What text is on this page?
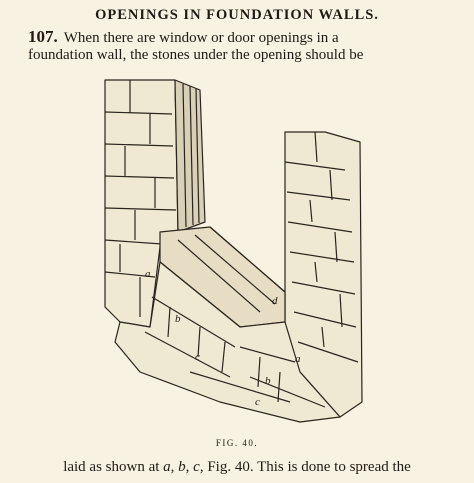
OPENINGS IN FOUNDATION WALLS.
107. When there are window or door openings in a
foundation wall, the stones under the opening should be
a
a
b
b
c
c
d
FIG. 40.
laid as shown at a, b, c, Fig. 40. This is done to spread the
